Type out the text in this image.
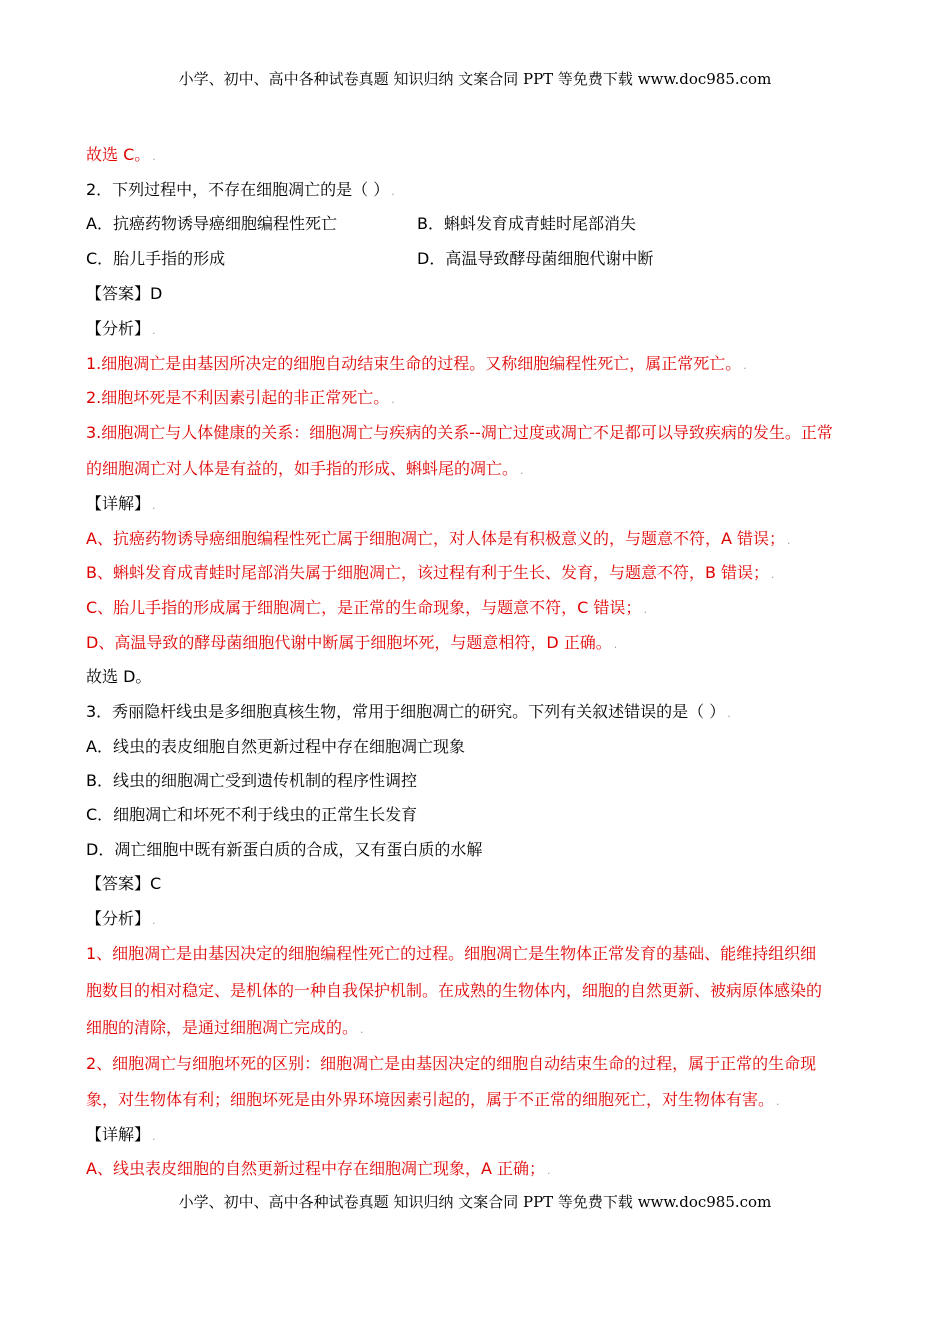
小学、初中、高中各种试卷真题 知识归纳 文案合同 PPT 等免费下载 www.doc985.com
故选 C。 .
2．下列过程中，不存在细胞凋亡的是（ ） .
A．抗癌药物诱导癌细胞编程性死亡	B．蝌蚪发育成青蛙时尾部消失
C．胎儿手指的形成	D．高温导致酵母菌细胞代谢中断
【答案】D
【分析】 .
1.细胞凋亡是由基因所决定的细胞自动结束生命的过程。又称细胞编程性死亡，属正常死亡。 .
2.细胞坏死是不利因素引起的非正常死亡。 .
3.细胞凋亡与人体健康的关系：细胞凋亡与疾病的关系--凋亡过度或凋亡不足都可以导致疾病的发生。正常
的细胞凋亡对人体是有益的，如手指的形成、蝌蚪尾的凋亡。 .
【详解】 .
A、抗癌药物诱导癌细胞编程性死亡属于细胞凋亡，对人体是有积极意义的，与题意不符，A 错误； .
B、蝌蚪发育成青蛙时尾部消失属于细胞凋亡，该过程有利于生长、发育，与题意不符，B 错误； .
C、胎儿手指的形成属于细胞凋亡，是正常的生命现象，与题意不符，C 错误； .
D、高温导致的酵母菌细胞代谢中断属于细胞坏死，与题意相符，D 正确。 .
故选 D。
3．秀丽隐杆线虫是多细胞真核生物，常用于细胞凋亡的研究。下列有关叙述错误的是（ ） .
A．线虫的表皮细胞自然更新过程中存在细胞凋亡现象
B．线虫的细胞凋亡受到遗传机制的程序性调控
C．细胞凋亡和坏死不利于线虫的正常生长发育
D．凋亡细胞中既有新蛋白质的合成，又有蛋白质的水解
【答案】C
【分析】 .
1、细胞凋亡是由基因决定的细胞编程性死亡的过程。细胞凋亡是生物体正常发育的基础、能维持组织细
胞数目的相对稳定、是机体的一种自我保护机制。在成熟的生物体内，细胞的自然更新、被病原体感染的
细胞的清除，是通过细胞凋亡完成的。 .
2、细胞凋亡与细胞坏死的区别：细胞凋亡是由基因决定的细胞自动结束生命的过程，属于正常的生命现
象，对生物体有利；细胞坏死是由外界环境因素引起的，属于不正常的细胞死亡，对生物体有害。 .
【详解】 .
A、线虫表皮细胞的自然更新过程中存在细胞凋亡现象，A 正确； .
小学、初中、高中各种试卷真题 知识归纳 文案合同 PPT 等免费下载 www.doc985.com
